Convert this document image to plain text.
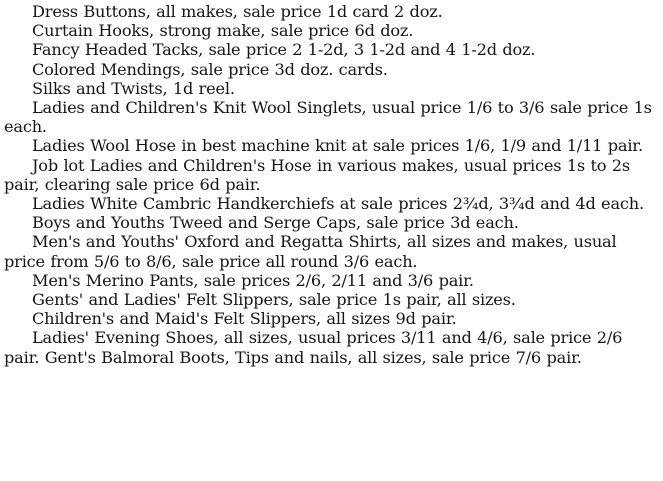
Dress Buttons, all makes, sale price 1d card 2 doz.

Curtain Hooks, strong make, sale price 6d doz.

Fancy Headed Tacks, sale price 2 1-2d, 3 1-2d and 4 1-2d doz.

Colored Mendings, sale price 3d doz. cards.

Silks and Twists, 1d reel.

Ladies and Children's Knit Wool Singlets, usual price 1/6 to 3/6 sale price 1s each.

Ladies Wool Hose in best machine knit at sale prices 1/6, 1/9 and 1/11 pair.

Job lot Ladies and Children's Hose in various makes, usual prices 1s to 2s pair, clearing sale price 6d pair.

Ladies White Cambric Handkerchiefs at sale prices 2¾d, 3¾d and 4d each.

Boys and Youths Tweed and Serge Caps, sale price 3d each.

Men's and Youths' Oxford and Regatta Shirts, all sizes and makes, usual price from 5/6 to 8/6, sale price all round 3/6 each.

Men's Merino Pants, sale prices 2/6, 2/11 and 3/6 pair.

Gents' and Ladies' Felt Slippers, sale price 1s pair, all sizes.

Children's and Maid's Felt Slippers, all sizes 9d pair.

Ladies' Evening Shoes, all sizes, usual prices 3/11 and 4/6, sale price 2/6 pair. Gent's Balmoral Boots, Tips and nails, all sizes, sale price 7/6 pair.
